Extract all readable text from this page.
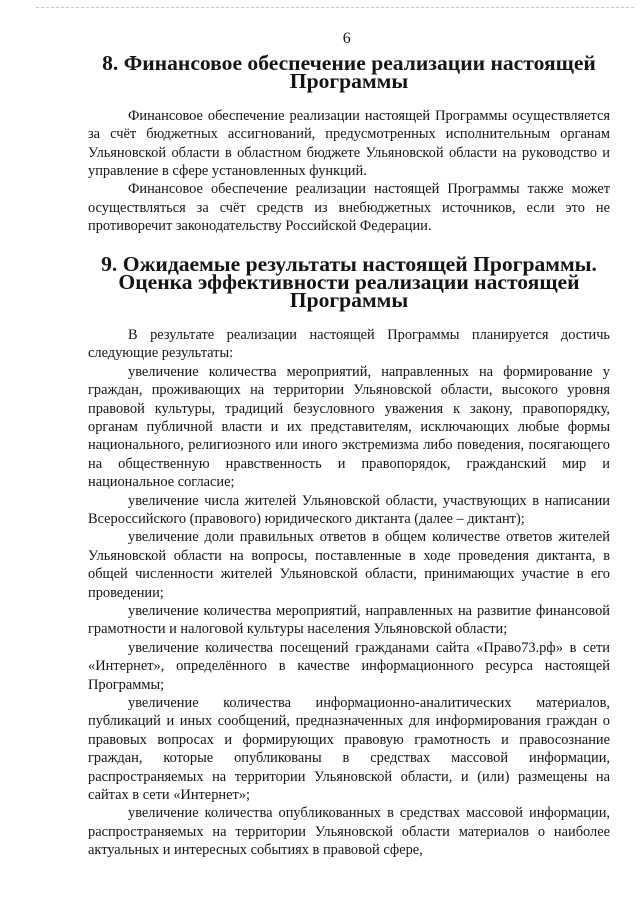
6
8. Финансовое обеспечение реализации настоящей Программы

Финансовое обеспечение реализации настоящей Программы осуществляется за счёт бюджетных ассигнований, предусмотренных исполнительным органам Ульяновской области в областном бюджете Ульяновской области на руководство и управление в сфере установленных функций.

Финансовое обеспечение реализации настоящей Программы также может осуществляться за счёт средств из внебюджетных источников, если это не противоречит законодательству Российской Федерации.

9. Ожидаемые результаты настоящей Программы.
Оценка эффективности реализации настоящей Программы

В результате реализации настоящей Программы планируется достичь следующие результаты:

увеличение количества мероприятий, направленных на формирование у граждан, проживающих на территории Ульяновской области, высокого уровня правовой культуры, традиций безусловного уважения к закону, правопорядку, органам публичной власти и их представителям, исключающих любые формы национального, религиозного или иного экстремизма либо поведения, посягающего на общественную нравственность и правопорядок, гражданский мир и национальное согласие;

увеличение числа жителей Ульяновской области, участвующих в написании Всероссийского (правового) юридического диктанта (далее – диктант);

увеличение доли правильных ответов в общем количестве ответов жителей Ульяновской области на вопросы, поставленные в ходе проведения диктанта, в общей численности жителей Ульяновской области, принимающих участие в его проведении;

увеличение количества мероприятий, направленных на развитие финансовой грамотности и налоговой культуры населения Ульяновской области;

увеличение количества посещений гражданами сайта «Право73.рф» в сети «Интернет», определённого в качестве информационного ресурса настоящей Программы;

увеличение количества информационно-аналитических материалов, публикаций и иных сообщений, предназначенных для информирования граждан о правовых вопросах и формирующих правовую грамотность и правосознание граждан, которые опубликованы в средствах массовой информации, распространяемых на территории Ульяновской области, и (или) размещены на сайтах в сети «Интернет»;

увеличение количества опубликованных в средствах массовой информации, распространяемых на территории Ульяновской области материалов о наиболее актуальных и интересных событиях в правовой сфере,
